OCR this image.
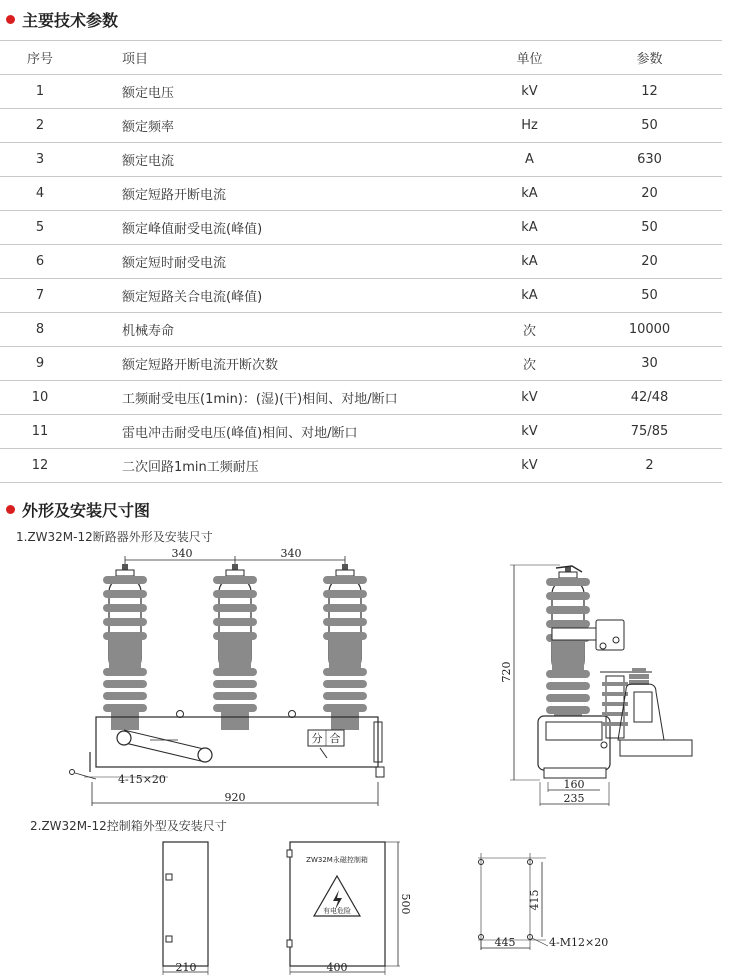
主要技术参数
序号	项目	单位	参数
1	额定电压	kV	12
2	额定频率	Hz	50
3	额定电流	A	630
4	额定短路开断电流	kA	20
5	额定峰值耐受电流(峰值)	kA	50
6	额定短时耐受电流	kA	20
7	额定短路关合电流(峰值)	kA	50
8	机械寿命	次	10000
9	额定短路开断电流开断次数	次	30
10	工频耐受电压(1min)：(湿)(干)相间、对地/断口	kV	42/48
11	雷电冲击耐受电压(峰值)相间、对地/断口	kV	75/85
12	二次回路1min工频耐压	kV	2
外形及安装尺寸图
1.ZW32M-12断路器外形及安装尺寸
2.ZW32M-12控制箱外型及安装尺寸
340	340
分 合
4-15×20
920
720
160
235
210
ZW32M永磁控制箱
有电危险	500
400
415
445	4-M12×20
